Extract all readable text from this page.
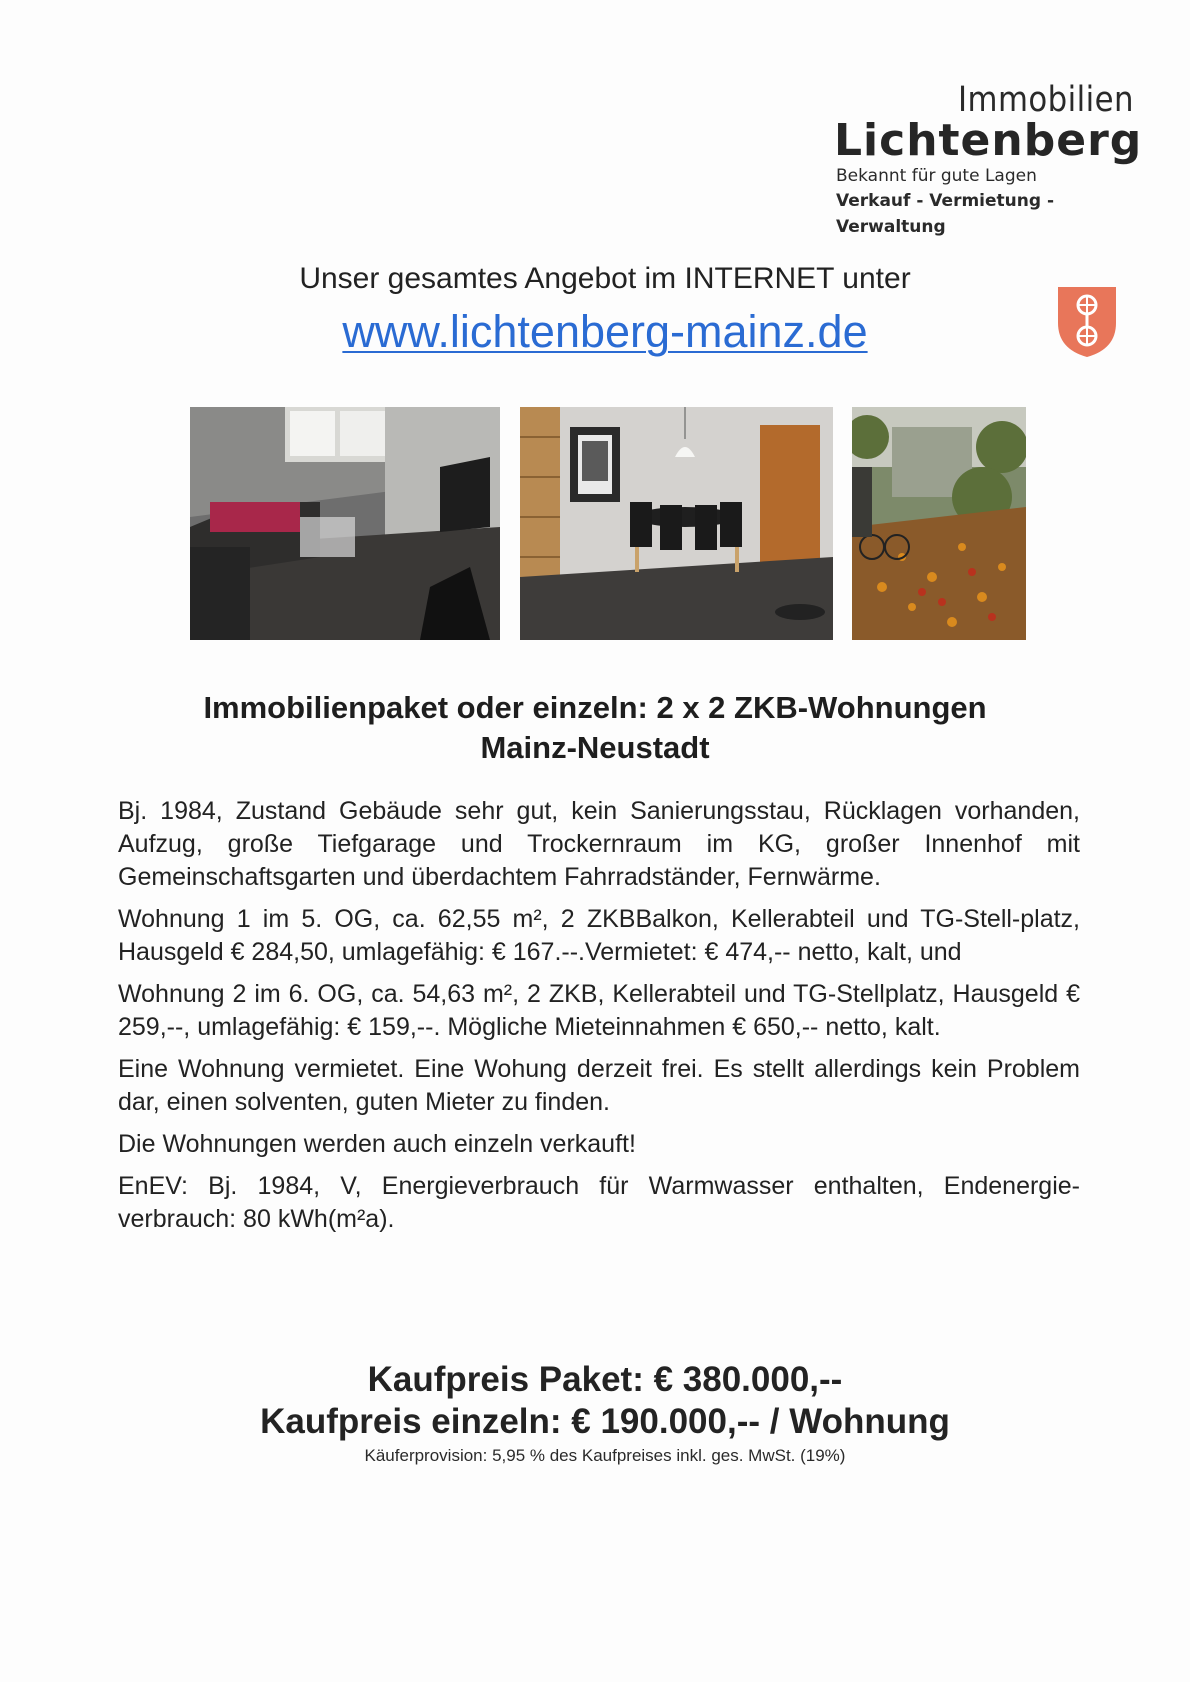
Immobilien
Lichtenberg
Bekannt für gute Lagen
Verkauf - Vermietung - Verwaltung
Unser gesamtes Angebot im INTERNET unter
www.lichtenberg-mainz.de
Immobilienpaket oder einzeln: 2 x 2 ZKB-Wohnungen
Mainz-Neustadt

Bj. 1984, Zustand Gebäude sehr gut, kein Sanierungsstau, Rücklagen vorhanden, Aufzug, große Tiefgarage und Trockernraum im KG, großer Innenhof mit Gemeinschaftsgarten und überdachtem Fahrradständer, Fernwärme.

Wohnung 1 im 5. OG, ca. 62,55 m², 2 ZKBBalkon, Kellerabteil und TG-Stell-platz, Hausgeld € 284,50, umlagefähig: € 167.--.Vermietet: € 474,-- netto, kalt, und

Wohnung 2 im 6. OG, ca. 54,63 m², 2 ZKB, Kellerabteil und TG-Stellplatz, Hausgeld € 259,--, umlagefähig: € 159,--. Mögliche Mieteinnahmen € 650,-- netto, kalt.

Eine Wohnung vermietet. Eine Wohung derzeit frei. Es stellt allerdings kein Problem dar, einen solventen, guten Mieter zu finden.

Die Wohnungen werden auch einzeln verkauft!

EnEV: Bj. 1984, V, Energieverbrauch für Warmwasser enthalten, Endenergie-verbrauch: 80 kWh(m²a).

Kaufpreis Paket: € 380.000,--
Kaufpreis einzeln: € 190.000,-- / Wohnung
Käuferprovision: 5,95 % des Kaufpreises inkl. ges. MwSt. (19%)
